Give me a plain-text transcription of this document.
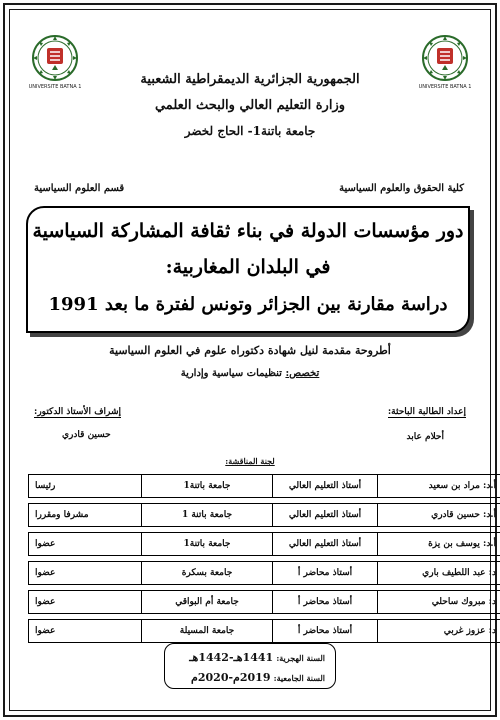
UNIVERSITE BATNA 1	UNIVERSITE BATNA 1
الجمهورية الجزائرية الديمقراطية الشعبية
وزارة التعليم العالي والبحث العلمي
جامعة باتنة1- الحاج لخضر
كلية الحقوق والعلوم السياسية
قسم العلوم السياسية
دور مؤسسات الدولة في بناء ثقافة المشاركة السياسية
في البلدان المغاربية:
دراسة مقارنة بين الجزائر وتونس لفترة ما بعد 1991
أطروحة مقدمة لنيل شهادة دكتوراه علوم في العلوم السياسية
تخصص: تنظيمات سياسية وإدارية
إعداد الطالبة الباحثة:
إشراف الأستاذ الدكتور:
أحلام عابد
حسين قادري
لجنة المناقشة:
أ.د: مراد بن سعيد	أستاذ التعليم العالي	جامعة باتنة1	رئيسا
أ.د: حسين قادري	أستاذ التعليم العالي	جامعة باتنة 1	مشرفا ومقررا
أ.د: يوسف بن يزة	أستاذ التعليم العالي	جامعة باتنة1	عضوا
د: عبد اللطيف باري	أستاذ محاضر أ	جامعة بسكرة	عضوا
د: مبروك ساحلي	أستاذ محاضر أ	جامعة أم البواقي	عضوا
د: عزوز غربي	أستاذ محاضر أ	جامعة المسيلة	عضوا
السنة الهجرية: 1441هـ-1442هـ
السنة الجامعية: 2019م-2020م
